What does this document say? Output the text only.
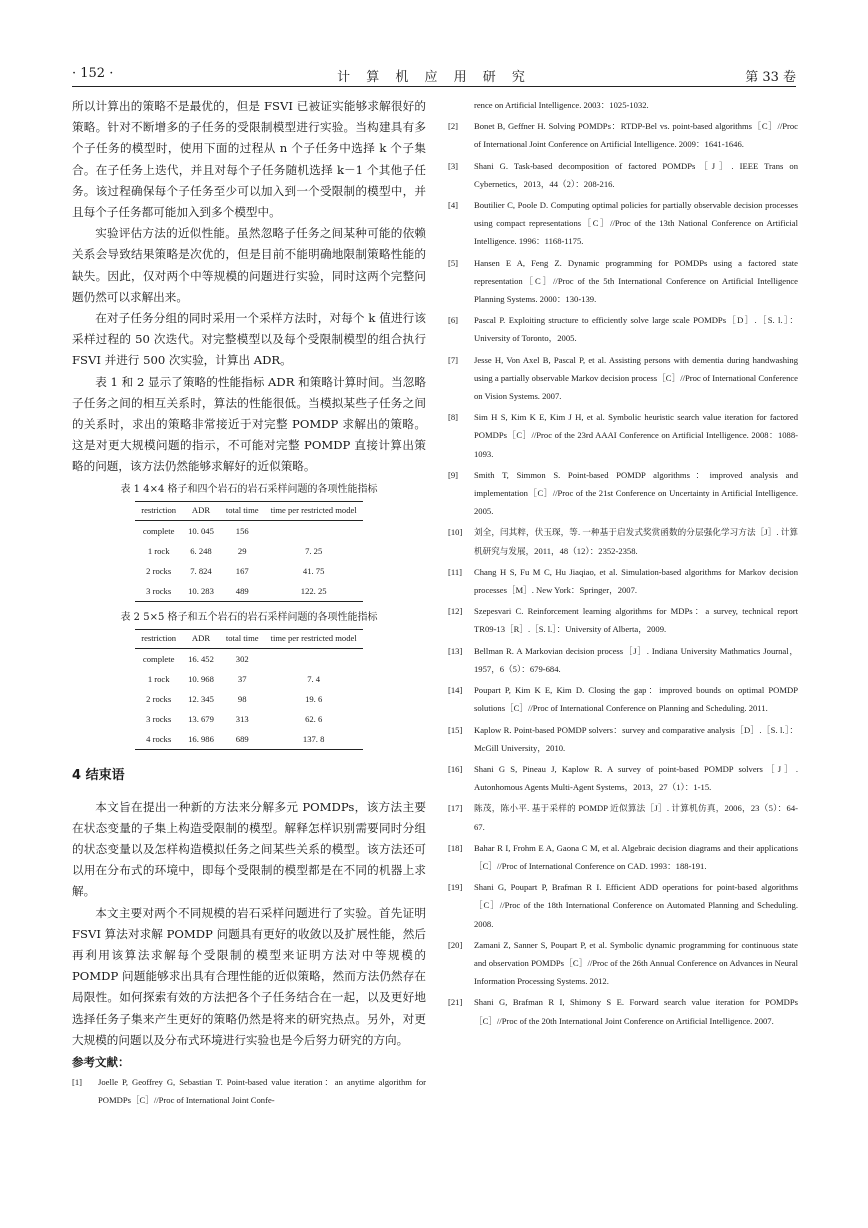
· 152 ·	计 算 机 应 用 研 究	第 33 卷

所以计算出的策略不是最优的，但是 FSVI 已被证实能够求解很好的策略。针对不断增多的子任务的受限制模型进行实验。当构建具有多个子任务的模型时，使用下面的过程从 n 个子任务中选择 k 个子集合。在子任务上迭代，并且对每个子任务随机选择 k－1 个其他子任务。该过程确保每个子任务至少可以加入到一个受限制的模型中，并且每个子任务都可能加入到多个模型中。

实验评估方法的近似性能。虽然忽略子任务之间某种可能的依赖关系会导致结果策略是次优的，但是目前不能明确地限制策略性能的缺失。因此，仅对两个中等规模的问题进行实验，同时这两个完整问题仍然可以求解出来。

在对子任务分组的同时采用一个采样方法时，对每个 k 值进行该采样过程的 50 次迭代。对完整模型以及每个受限制模型的组合执行 FSVI 并进行 500 次实验，计算出 ADR。

表 1 和 2 显示了策略的性能指标 ADR 和策略计算时间。当忽略子任务之间的相互关系时，算法的性能很低。当模拟某些子任务之间的关系时，求出的策略非常接近于对完整 POMDP 求解出的策略。这是对更大规模问题的指示，不可能对完整 POMDP 直接计算出策略的问题，该方法仍然能够求解好的近似策略。

表 1 4×4 格子和四个岩石的岩石采样问题的各项性能指标

restriction	ADR	total time	time per restricted model
complete	10. 045	156	
1 rock	6. 248	29	7. 25
2 rocks	7. 824	167	41. 75
3 rocks	10. 283	489	122. 25

表 2 5×5 格子和五个岩石的岩石采样问题的各项性能指标

restriction	ADR	total time	time per restricted model
complete	16. 452	302	
1 rock	10. 968	37	7. 4
2 rocks	12. 345	98	19. 6
3 rocks	13. 679	313	62. 6
4 rocks	16. 986	689	137. 8
4 结束语

本文旨在提出一种新的方法来分解多元 POMDPs，该方法主要在状态变量的子集上构造受限制的模型。解释怎样识别需要同时分组的状态变量以及怎样构造模拟任务之间某些关系的模型。该方法还可以用在分布式的环境中，即每个受限制的模型都是在不同的机器上求解。

本文主要对两个不同规模的岩石采样问题进行了实验。首先证明 FSVI 算法对求解 POMDP 问题具有更好的收敛以及扩展性能，然后再利用该算法求解每个受限制的模型来证明方法对中等规模的 POMDP 问题能够求出具有合理性能的近似策略，然而方法仍然存在局限性。如何探索有效的方法把各个子任务结合在一起，以及更好地选择任务子集来产生更好的策略仍然是将来的研究热点。另外，对更大规模的问题以及分布式环境进行实验也是今后努力研究的方向。

参考文献：

[1] Joelle P, Geoffrey G, Sebastian T. Point-based value iteration：an anytime algorithm for POMDPs［C］//Proc of International Joint Confe-
rence on Artificial Intelligence. 2003：1025-1032.
[2] Bonet B, Geffner H. Solving POMDPs：RTDP-Bel vs. point-based algorithms［C］//Proc of International Joint Conference on Artificial Intelligence. 2009：1641-1646.
[3] Shani G. Task-based decomposition of factored POMDPs［J］. IEEE Trans on Cybernetics，2013，44（2）：208-216.
[4] Boutilier C, Poole D. Computing optimal policies for partially observable decision processes using compact representations［C］//Proc of the 13th National Conference on Artificial Intelligence. 1996：1168-1175.
[5] Hansen E A, Feng Z. Dynamic programming for POMDPs using a factored state representation［C］//Proc of the 5th International Conference on Artificial Intelligence Planning Systems. 2000：130-139.
[6] Pascal P. Exploiting structure to efficiently solve large scale POMDPs［D］.［S. l.］：University of Toronto，2005.
[7] Jesse H, Von Axel B, Pascal P, et al. Assisting persons with dementia during handwashing using a partially observable Markov decision process［C］//Proc of International Conference on Vision Systems. 2007.
[8] Sim H S, Kim K E, Kim J H, et al. Symbolic heuristic search value iteration for factored POMDPs［C］//Proc of the 23rd AAAI Conference on Artificial Intelligence. 2008：1088-1093.
[9] Smith T, Simmon S. Point-based POMDP algorithms：improved analysis and implementation［C］//Proc of the 21st Conference on Uncertainty in Artificial Intelligence. 2005.
[10] 刘全，闫其粹，伏玉琛，等. 一种基于启发式奖赏函数的分层强化学习方法［J］. 计算机研究与发展，2011，48（12）：2352-2358.
[11] Chang H S, Fu M C, Hu Jiaqiao, et al. Simulation-based algorithms for Markov decision processes［M］. New York：Springer，2007.
[12] Szepesvari C. Reinforcement learning algorithms for MDPs：a survey, technical report TR09-13［R］.［S. l.］：University of Alberta，2009.
[13] Bellman R. A Markovian decision process［J］. Indiana University Mathmatics Journal，1957，6（5）：679-684.
[14] Poupart P, Kim K E, Kim D. Closing the gap：improved bounds on optimal POMDP solutions［C］//Proc of International Conference on Planning and Scheduling. 2011.
[15] Kaplow R. Point-based POMDP solvers：survey and comparative analysis［D］.［S. l.］：McGill University，2010.
[16] Shani G S, Pineau J, Kaplow R. A survey of point-based POMDP solvers［J］. Autonhomous Agents Multi-Agent Systems，2013，27（1）：1-15.
[17] 陈茂，陈小平. 基于采样的 POMDP 近似算法［J］. 计算机仿真，2006，23（5）：64-67.
[18] Bahar R I, Frohm E A, Gaona C M, et al. Algebraic decision diagrams and their applications［C］//Proc of International Conference on CAD. 1993：188-191.
[19] Shani G, Poupart P, Brafman R I. Efficient ADD operations for point-based algorithms［C］//Proc of the 18th International Conference on Automated Planning and Scheduling. 2008.
[20] Zamani Z, Sanner S, Poupart P, et al. Symbolic dynamic programming for continuous state and observation POMDPs［C］//Proc of the 26th Annual Conference on Advances in Neural Information Processing Systems. 2012.
[21] Shani G, Brafman R I, Shimony S E. Forward search value iteration for POMDPs［C］//Proc of the 20th International Joint Conference on Artificial Intelligence. 2007.
